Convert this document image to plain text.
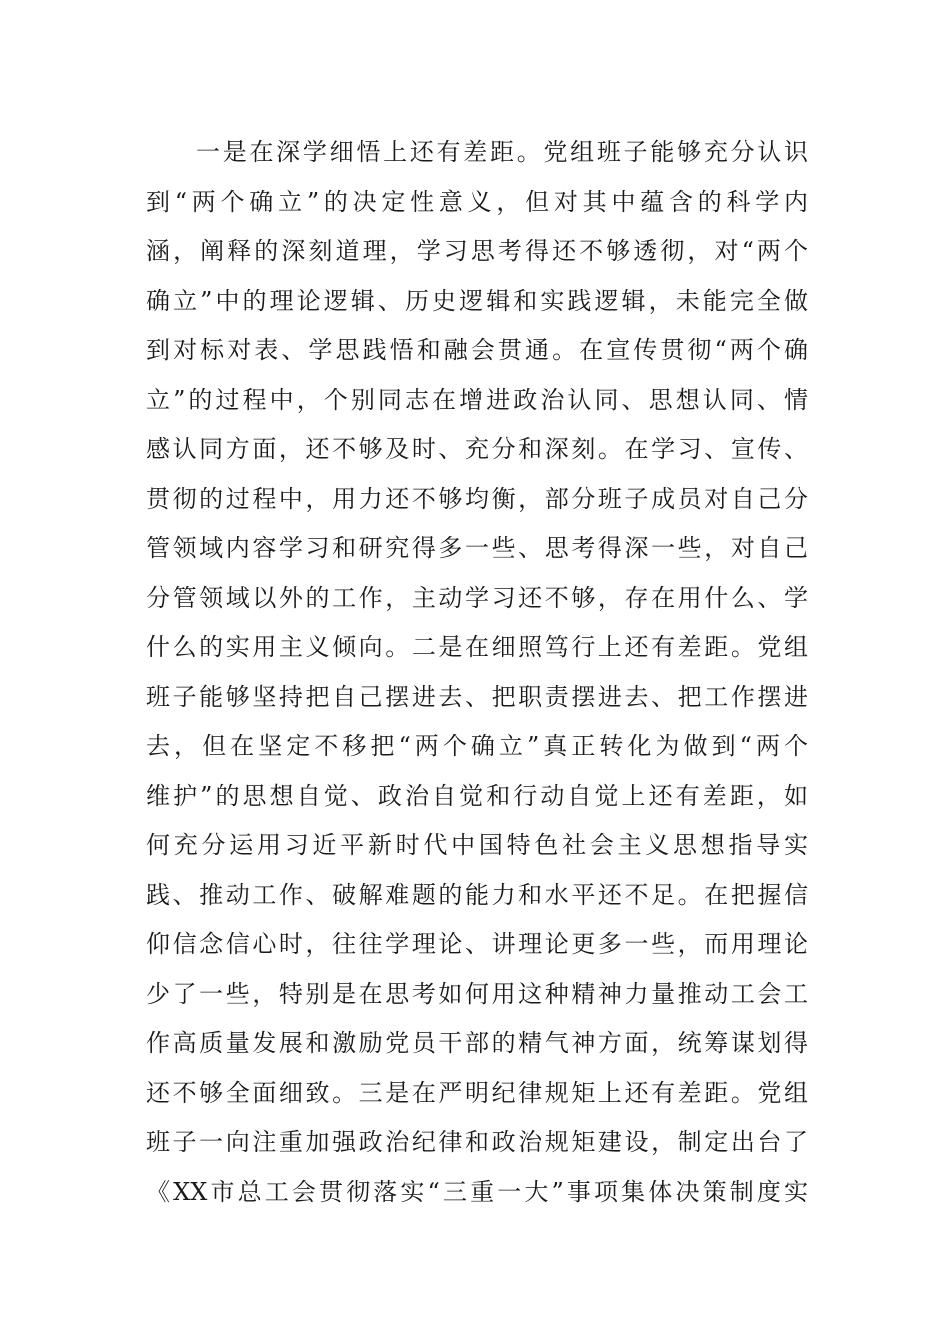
一是在深学细悟上还有差距。党组班子能够充分认识
到“两个确立”的决定性意义，但对其中蕴含的科学内
涵，阐释的深刻道理，学习思考得还不够透彻，对“两个
确立”中的理论逻辑、历史逻辑和实践逻辑，未能完全做
到对标对表、学思践悟和融会贯通。在宣传贯彻“两个确
立”的过程中，个别同志在增进政治认同、思想认同、情
感认同方面，还不够及时、充分和深刻。在学习、宣传、
贯彻的过程中，用力还不够均衡，部分班子成员对自己分
管领域内容学习和研究得多一些、思考得深一些，对自己
分管领域以外的工作，主动学习还不够，存在用什么、学
什么的实用主义倾向。二是在细照笃行上还有差距。党组
班子能够坚持把自己摆进去、把职责摆进去、把工作摆进
去，但在坚定不移把“两个确立”真正转化为做到“两个
维护”的思想自觉、政治自觉和行动自觉上还有差距，如
何充分运用习近平新时代中国特色社会主义思想指导实
践、推动工作、破解难题的能力和水平还不足。在把握信
仰信念信心时，往往学理论、讲理论更多一些，而用理论
少了一些，特别是在思考如何用这种精神力量推动工会工
作高质量发展和激励党员干部的精气神方面，统筹谋划得
还不够全面细致。三是在严明纪律规矩上还有差距。党组
班子一向注重加强政治纪律和政治规矩建设，制定出台了
《XX市总工会贯彻落实“三重一大”事项集体决策制度实
